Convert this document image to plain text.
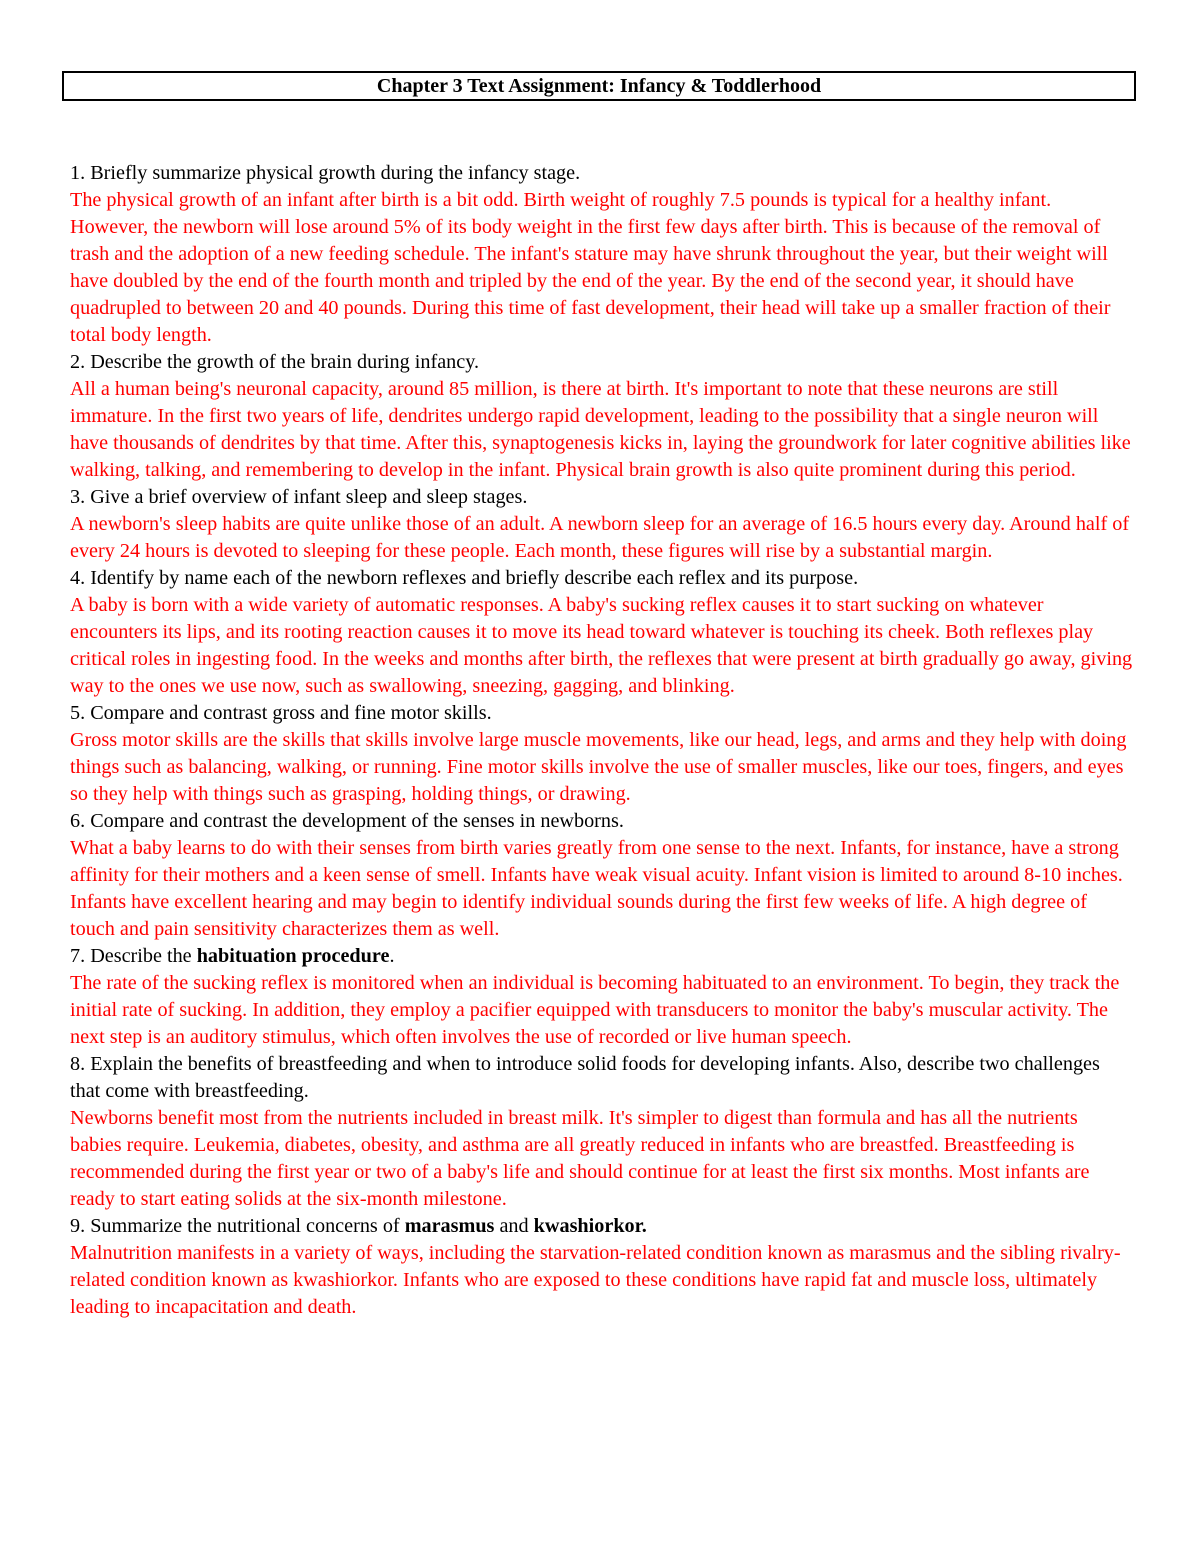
Chapter 3 Text Assignment: Infancy & Toddlerhood

1. Briefly summarize physical growth during the infancy stage.

The physical growth of an infant after birth is a bit odd. Birth weight of roughly 7.5 pounds is typical for a healthy infant. However, the newborn will lose around 5% of its body weight in the first few days after birth. This is because of the removal of trash and the adoption of a new feeding schedule. The infant's stature may have shrunk throughout the year, but their weight will have doubled by the end of the fourth month and tripled by the end of the year. By the end of the second year, it should have quadrupled to between 20 and 40 pounds. During this time of fast development, their head will take up a smaller fraction of their total body length.

2. Describe the growth of the brain during infancy.

All a human being's neuronal capacity, around 85 million, is there at birth. It's important to note that these neurons are still immature. In the first two years of life, dendrites undergo rapid development, leading to the possibility that a single neuron will have thousands of dendrites by that time. After this, synaptogenesis kicks in, laying the groundwork for later cognitive abilities like walking, talking, and remembering to develop in the infant. Physical brain growth is also quite prominent during this period.

3. Give a brief overview of infant sleep and sleep stages.

A newborn's sleep habits are quite unlike those of an adult. A newborn sleep for an average of 16.5 hours every day. Around half of every 24 hours is devoted to sleeping for these people. Each month, these figures will rise by a substantial margin.

4. Identify by name each of the newborn reflexes and briefly describe each reflex and its purpose.

A baby is born with a wide variety of automatic responses. A baby's sucking reflex causes it to start sucking on whatever encounters its lips, and its rooting reaction causes it to move its head toward whatever is touching its cheek. Both reflexes play critical roles in ingesting food. In the weeks and months after birth, the reflexes that were present at birth gradually go away, giving way to the ones we use now, such as swallowing, sneezing, gagging, and blinking.

5. Compare and contrast gross and fine motor skills.

Gross motor skills are the skills that skills involve large muscle movements, like our head, legs, and arms and they help with doing things such as balancing, walking, or running. Fine motor skills involve the use of smaller muscles, like our toes, fingers, and eyes so they help with things such as grasping, holding things, or drawing.

6. Compare and contrast the development of the senses in newborns.

What a baby learns to do with their senses from birth varies greatly from one sense to the next. Infants, for instance, have a strong affinity for their mothers and a keen sense of smell. Infants have weak visual acuity. Infant vision is limited to around 8-10 inches. Infants have excellent hearing and may begin to identify individual sounds during the first few weeks of life. A high degree of touch and pain sensitivity characterizes them as well.

7. Describe the habituation procedure.

The rate of the sucking reflex is monitored when an individual is becoming habituated to an environment. To begin, they track the initial rate of sucking. In addition, they employ a pacifier equipped with transducers to monitor the baby's muscular activity. The next step is an auditory stimulus, which often involves the use of recorded or live human speech.

8. Explain the benefits of breastfeeding and when to introduce solid foods for developing infants. Also, describe two challenges that come with breastfeeding.

Newborns benefit most from the nutrients included in breast milk. It's simpler to digest than formula and has all the nutrients babies require. Leukemia, diabetes, obesity, and asthma are all greatly reduced in infants who are breastfed. Breastfeeding is recommended during the first year or two of a baby's life and should continue for at least the first six months. Most infants are ready to start eating solids at the six-month milestone.

9. Summarize the nutritional concerns of marasmus and kwashiorkor.

Malnutrition manifests in a variety of ways, including the starvation-related condition known as marasmus and the sibling rivalry-related condition known as kwashiorkor. Infants who are exposed to these conditions have rapid fat and muscle loss, ultimately leading to incapacitation and death.
